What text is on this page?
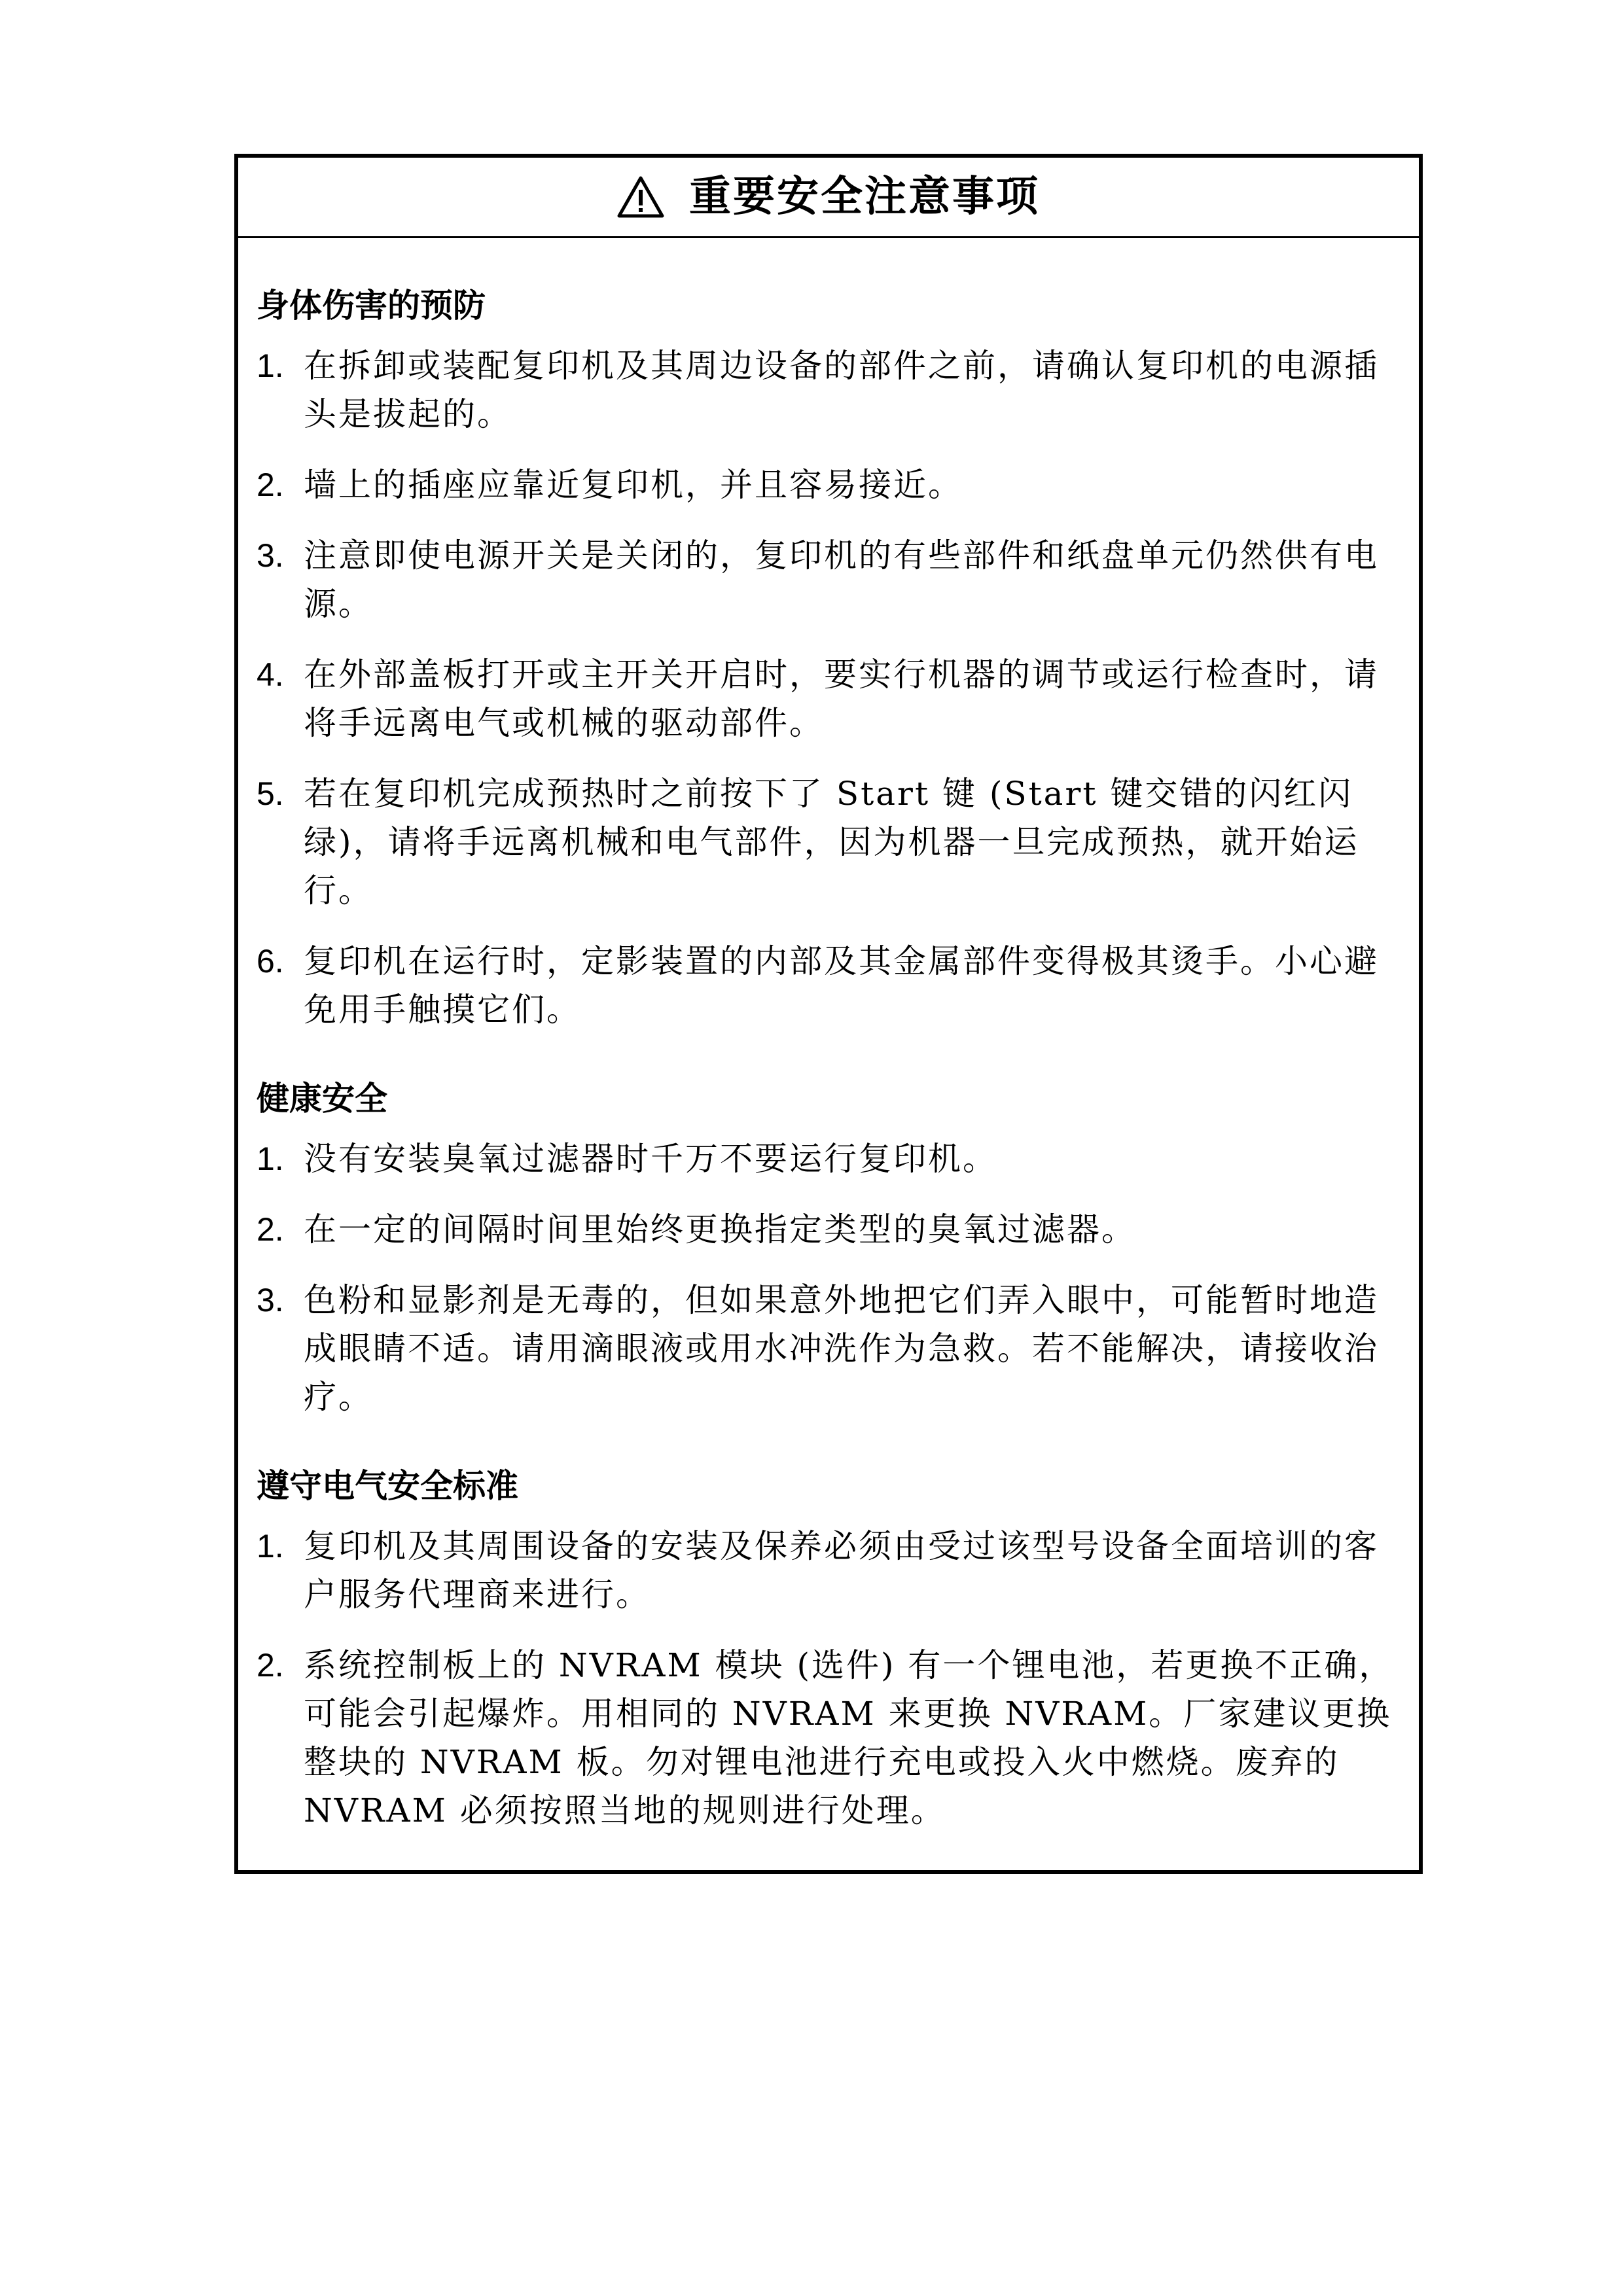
重要安全注意事项
身体伤害的预防
1. 在拆卸或装配复印机及其周边设备的部件之前，请确认复印机的电源插头是拔起的。
2. 墙上的插座应靠近复印机，并且容易接近。
3. 注意即使电源开关是关闭的，复印机的有些部件和纸盘单元仍然供有电源。
4. 在外部盖板打开或主开关开启时，要实行机器的调节或运行检查时，请将手远离电气或机械的驱动部件。
5. 若在复印机完成预热时之前按下了 Start 键 (Start 键交错的闪红闪绿)，请将手远离机械和电气部件，因为机器一旦完成预热，就开始运行。
6. 复印机在运行时，定影装置的内部及其金属部件变得极其烫手。小心避免用手触摸它们。
健康安全
1. 没有安装臭氧过滤器时千万不要运行复印机。
2. 在一定的间隔时间里始终更换指定类型的臭氧过滤器。
3. 色粉和显影剂是无毒的，但如果意外地把它们弄入眼中，可能暂时地造成眼睛不适。请用滴眼液或用水冲洗作为急救。若不能解决，请接收治疗。
遵守电气安全标准
1. 复印机及其周围设备的安装及保养必须由受过该型号设备全面培训的客户服务代理商来进行。
2. 系统控制板上的 NVRAM 模块 (选件) 有一个锂电池，若更换不正确，可能会引起爆炸。用相同的 NVRAM 来更换 NVRAM。厂家建议更换整块的 NVRAM 板。勿对锂电池进行充电或投入火中燃烧。废弃的 NVRAM 必须按照当地的规则进行处理。
